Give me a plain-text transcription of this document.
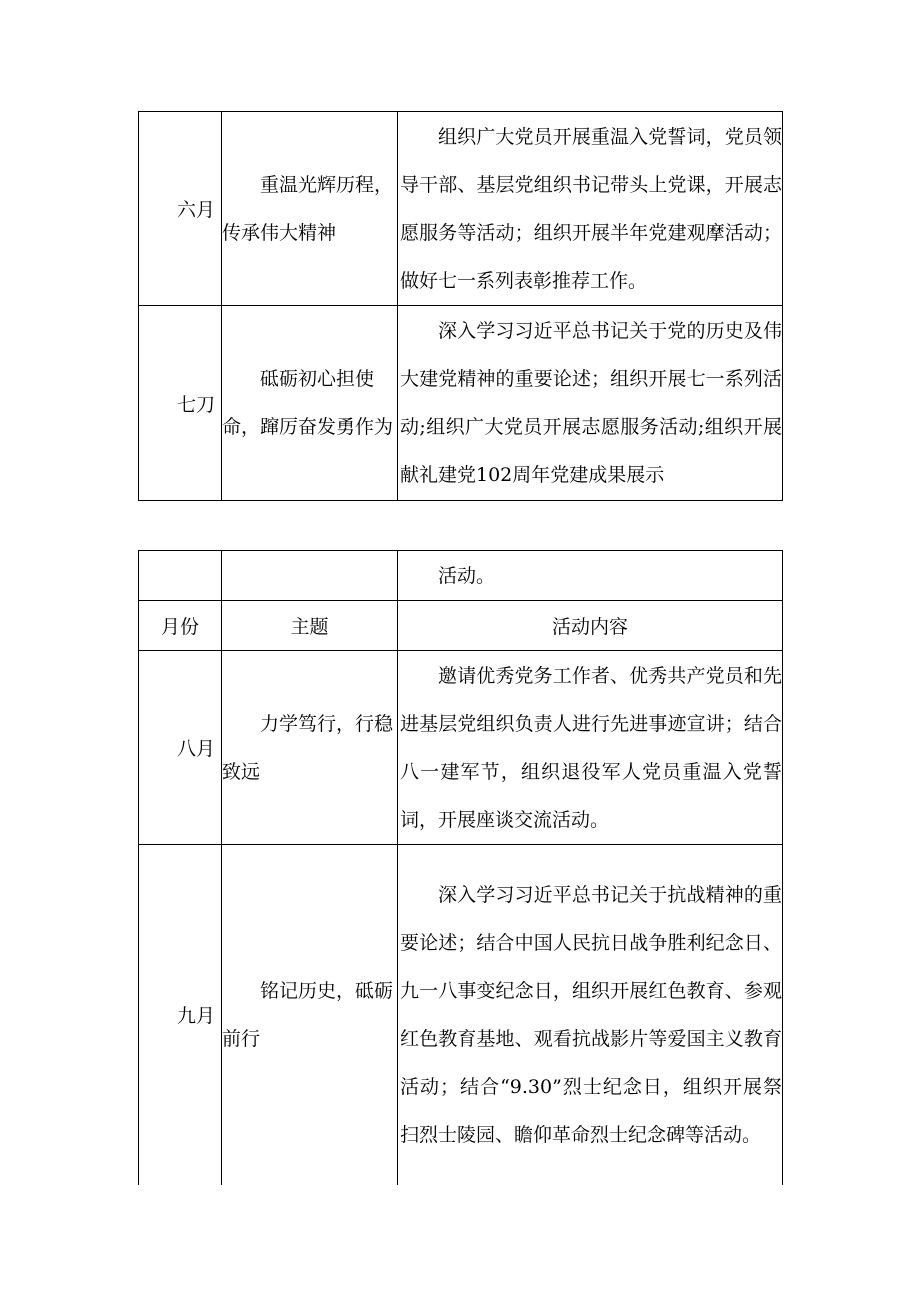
六月	重温光辉历程，传承伟大精神	组织广大党员开展重温入党誓词，党员领导干部、基层党组织书记带头上党课，开展志愿服务等活动；组织开展半年党建观摩活动；做好七一系列表彰推荐工作。
七刀	砥砺初心担使命，蹿厉奋发勇作为	深入学习习近平总书记关于党的历史及伟大建党精神的重要论述；组织开展七一系列活动;组织广大党员开展志愿服务活动;组织开展献礼建党102周年党建成果展示
		活动。
月份	主题	活动内容
八月	力学笃行，行稳致远	邀请优秀党务工作者、优秀共产党员和先进基层党组织负责人进行先进事迹宣讲；结合八一建军节，组织退役军人党员重温入党誓词，开展座谈交流活动。
九月	铭记历史，砥砺前行	深入学习习近平总书记关于抗战精神的重要论述；结合中国人民抗日战争胜利纪念日、九一八事变纪念日，组织开展红色教育、参观红色教育基地、观看抗战影片等爱国主义教育活动；结合“9.30”烈士纪念日，组织开展祭扫烈士陵园、瞻仰革命烈士纪念碑等活动。
